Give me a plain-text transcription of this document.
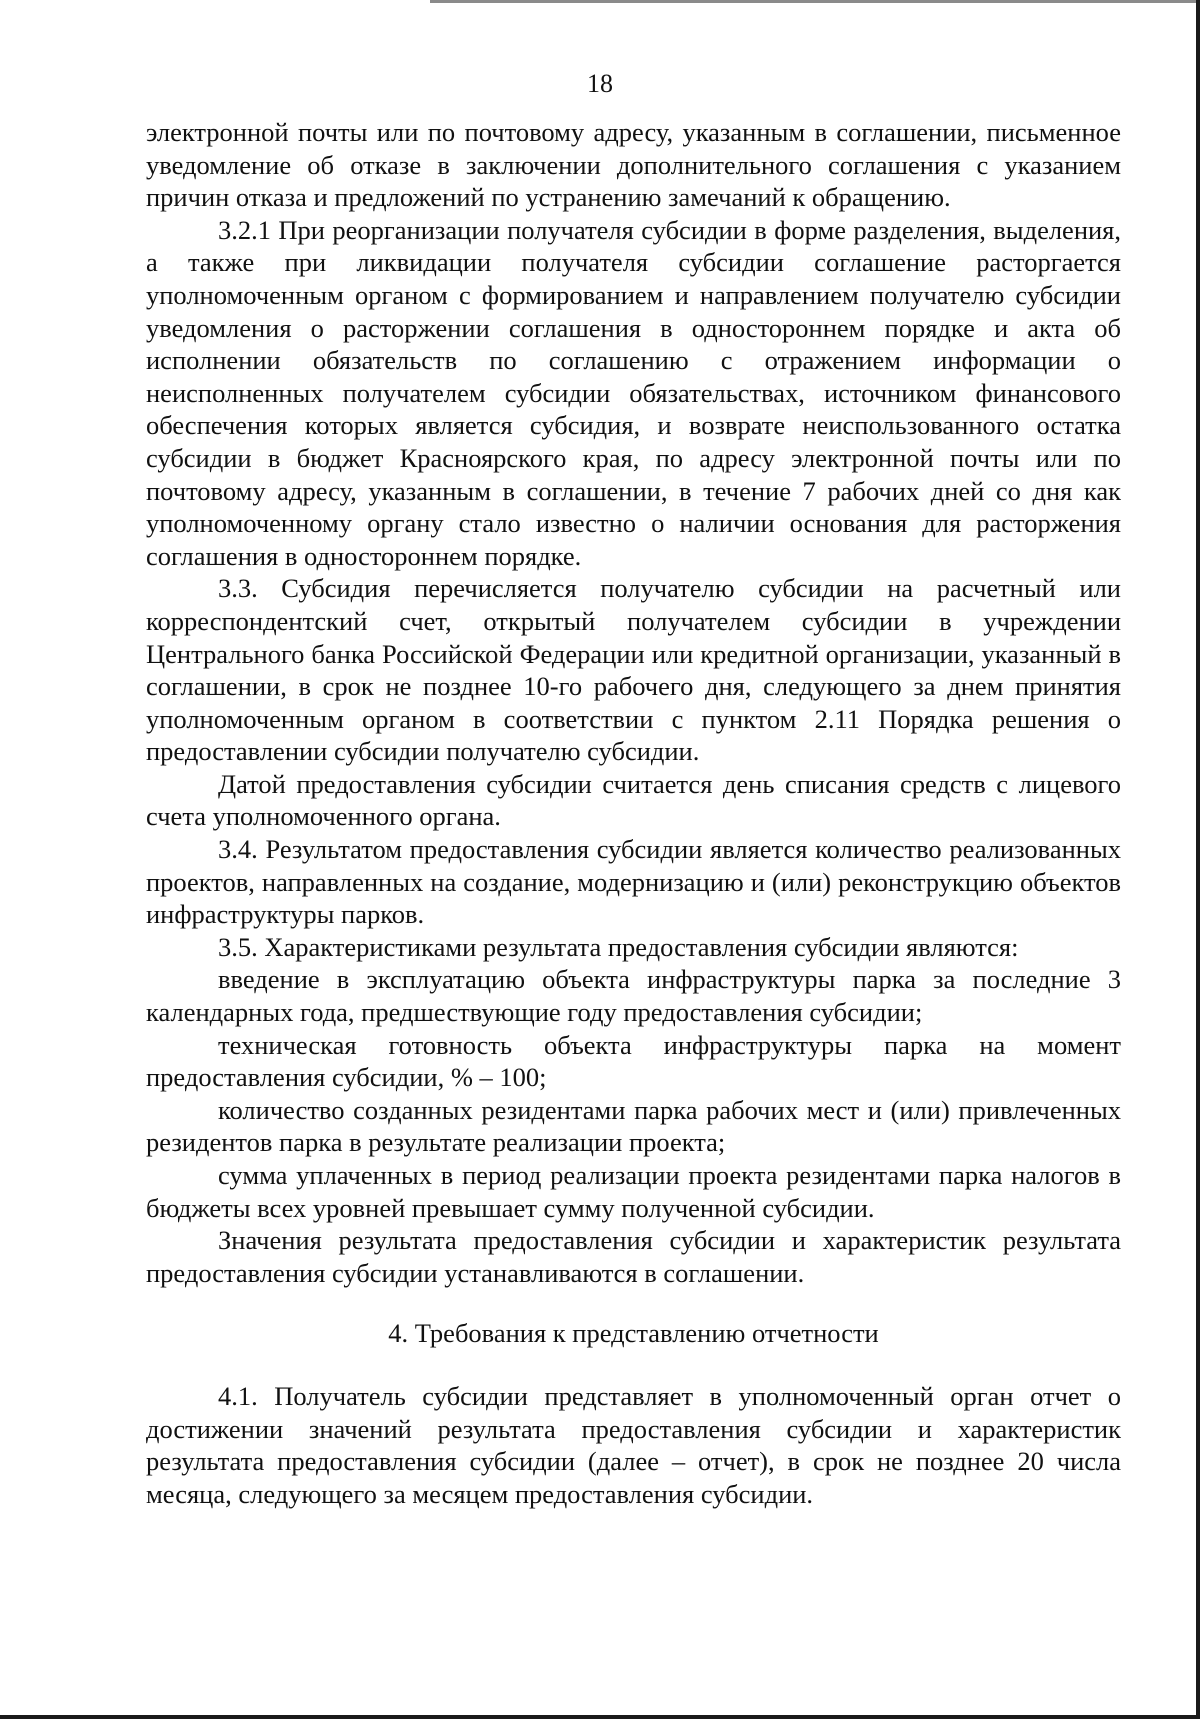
18

электронной почты или по почтовому адресу, указанным в соглашении, письменное уведомление об отказе в заключении дополнительного соглашения с указанием причин отказа и предложений по устранению замечаний к обращению.

3.2.1 При реорганизации получателя субсидии в форме разделения, выделения, а также при ликвидации получателя субсидии соглашение расторгается уполномоченным органом с формированием и направлением получателю субсидии уведомления о расторжении соглашения в одностороннем порядке и акта об исполнении обязательств по соглашению с отражением информации о неисполненных получателем субсидии обязательствах, источником финансового обеспечения которых является субсидия, и возврате неиспользованного остатка субсидии в бюджет Красноярского края, по адресу электронной почты или по почтовому адресу, указанным в соглашении, в течение 7 рабочих дней со дня как уполномоченному органу стало известно о наличии основания для расторжения соглашения в одностороннем порядке.

3.3. Субсидия перечисляется получателю субсидии на расчетный или корреспондентский счет, открытый получателем субсидии в учреждении Центрального банка Российской Федерации или кредитной организации, указанный в соглашении, в срок не позднее 10-го рабочего дня, следующего за днем принятия уполномоченным органом в соответствии с пунктом 2.11 Порядка решения о предоставлении субсидии получателю субсидии.

Датой предоставления субсидии считается день списания средств с лицевого счета уполномоченного органа.

3.4. Результатом предоставления субсидии является количество реализованных проектов, направленных на создание, модернизацию и (или) реконструкцию объектов инфраструктуры парков.

3.5. Характеристиками результата предоставления субсидии являются:

введение в эксплуатацию объекта инфраструктуры парка за последние 3 календарных года, предшествующие году предоставления субсидии;

техническая готовность объекта инфраструктуры парка на момент предоставления субсидии, % – 100;

количество созданных резидентами парка рабочих мест и (или) привлеченных резидентов парка в результате реализации проекта;

сумма уплаченных в период реализации проекта резидентами парка налогов в бюджеты всех уровней превышает сумму полученной субсидии.

Значения результата предоставления субсидии и характеристик результата предоставления субсидии устанавливаются в соглашении.

4. Требования к представлению отчетности

4.1. Получатель субсидии представляет в уполномоченный орган отчет о достижении значений результата предоставления субсидии и характеристик результата предоставления субсидии (далее – отчет), в срок не позднее 20 числа месяца, следующего за месяцем предоставления субсидии.
